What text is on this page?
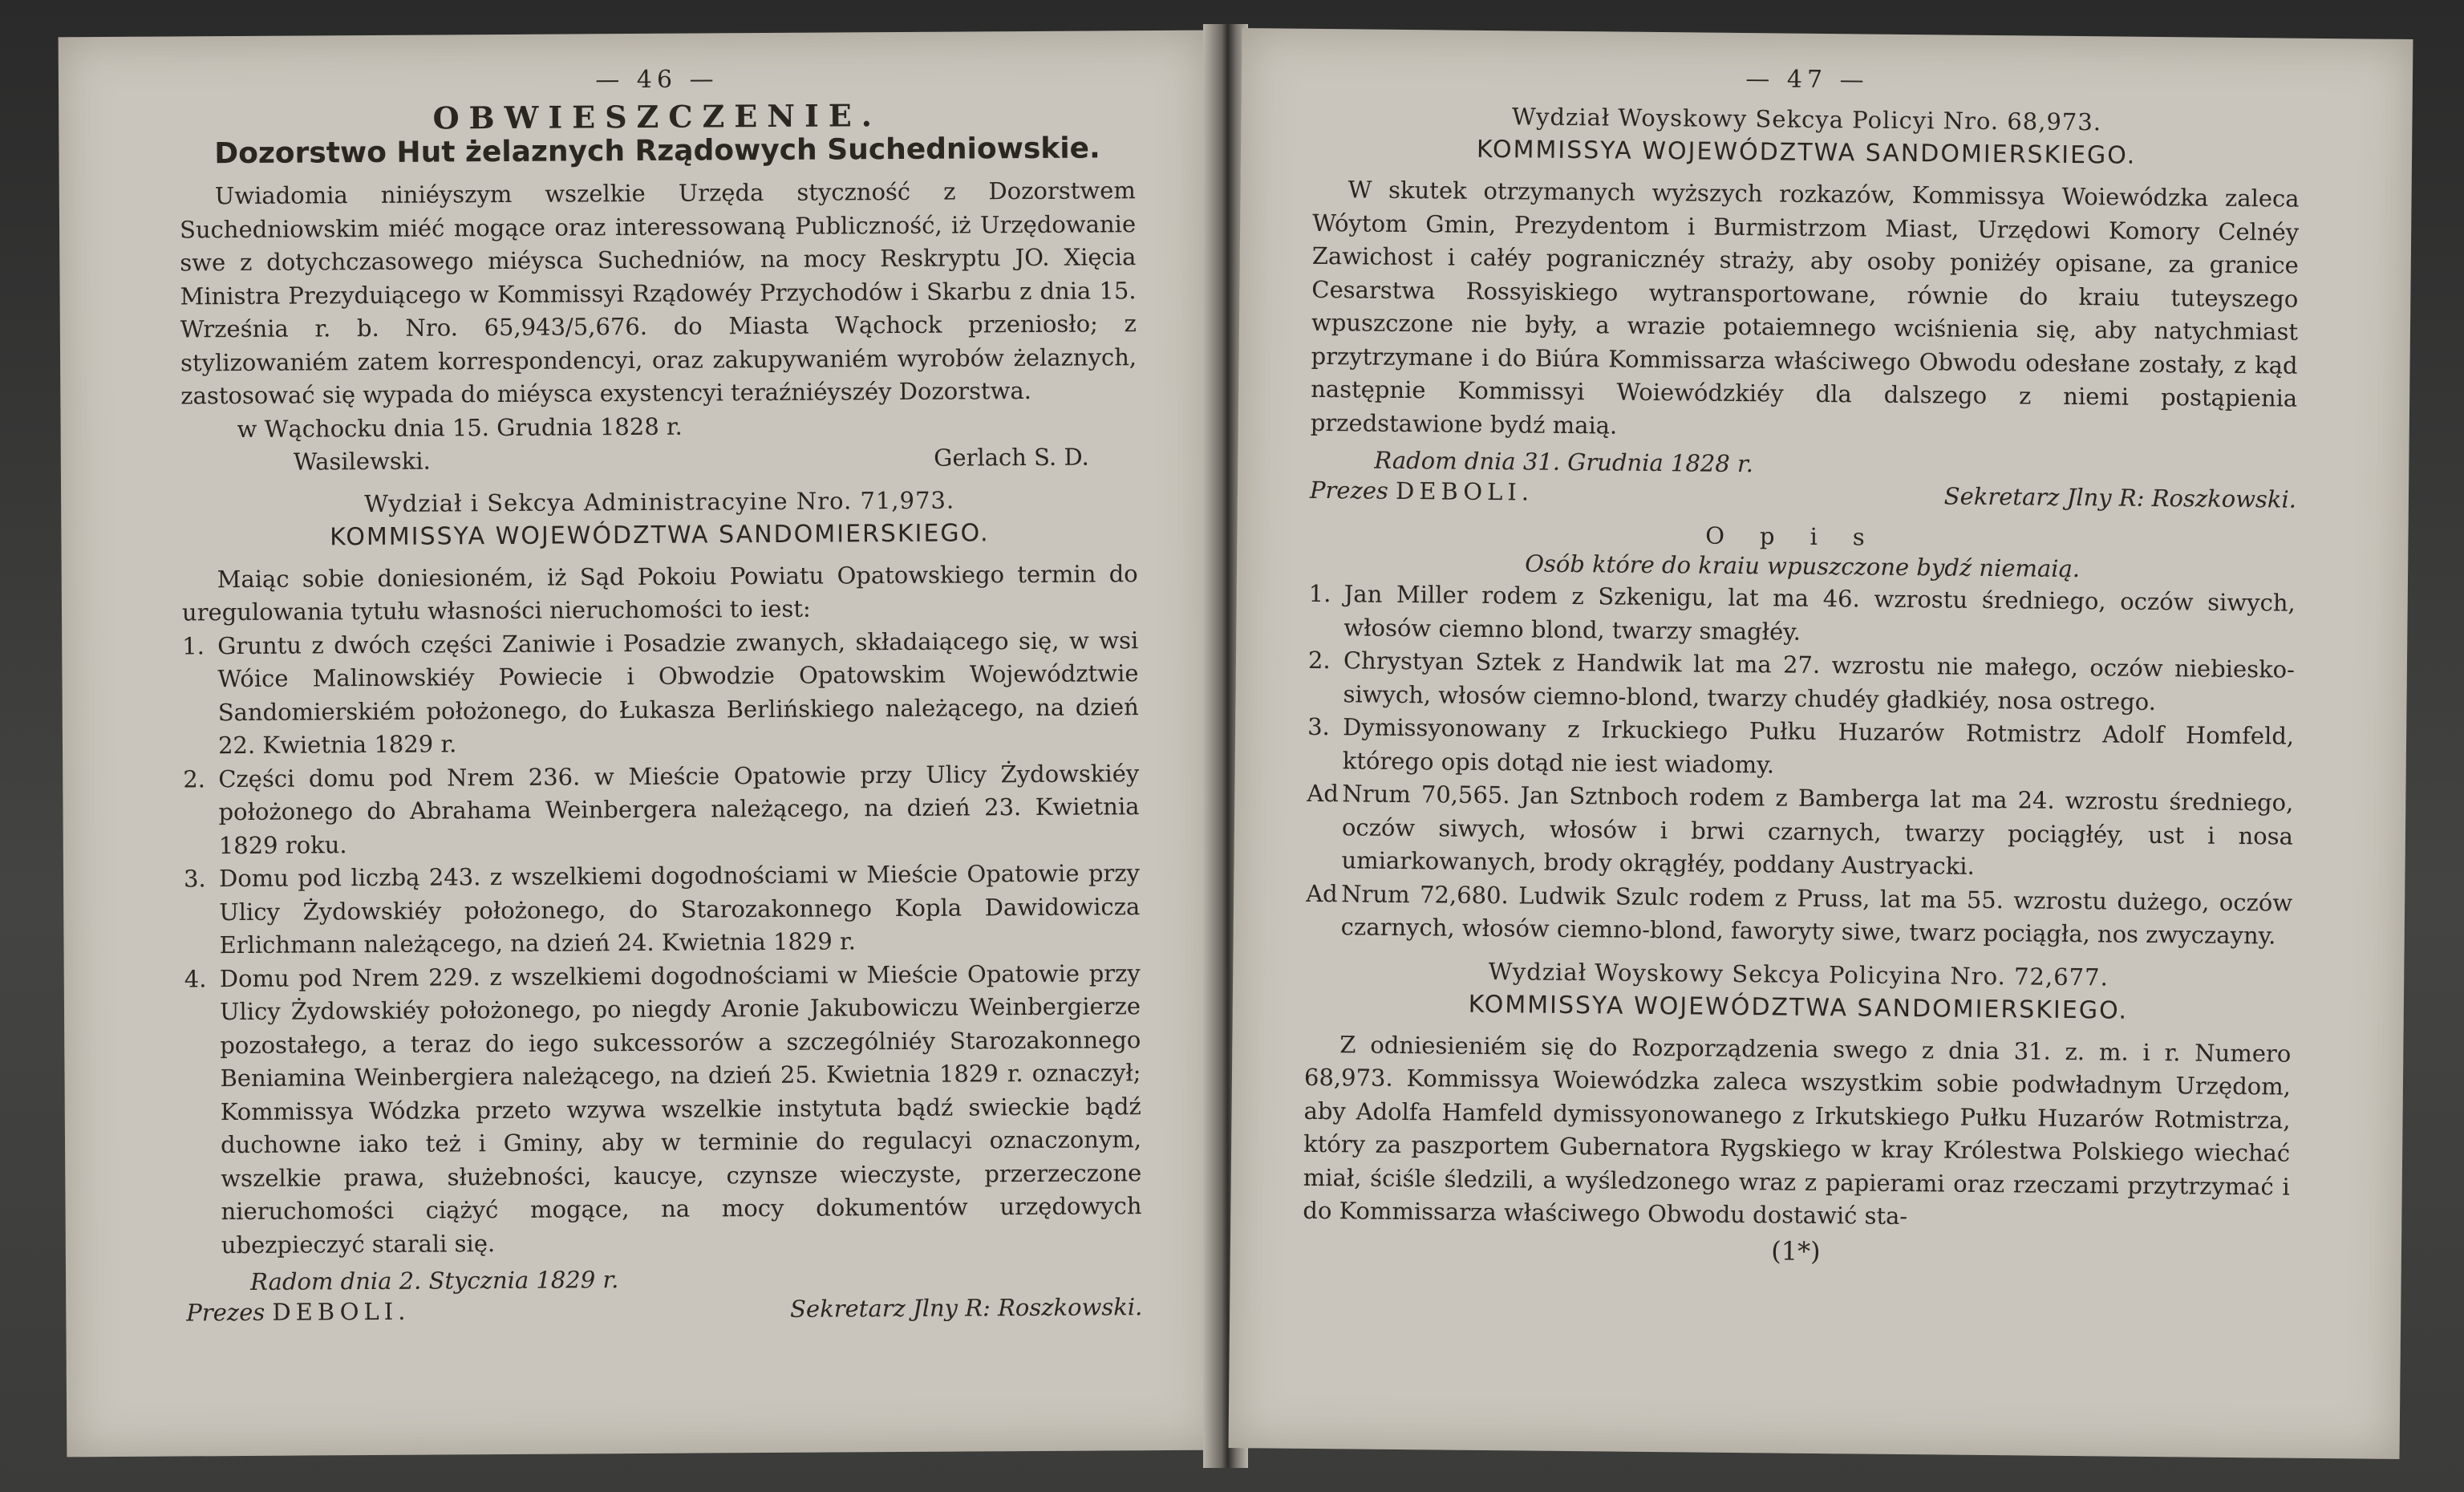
— 46 —
OBWIESZCZENIE.
Dozorstwo Hut żelaznych Rządowych Suchedniowskie.

Uwiadomia niniéyszym wszelkie Urzęda styczność z Dozorstwem Suchedniowskim miéć mogące oraz interessowaną Publiczność, iż Urzędowanie swe z dotychczasowego miéysca Suchedniów, na mocy Reskryptu JO. Xięcia Ministra Prezyduiącego w Kommissyi Rządowéy Przychodów i Skarbu z dnia 15. Września r. b. Nro. 65,943/5,676. do Miasta Wąchock przeniosło; z stylizowaniém zatem korrespondencyi, oraz zakupywaniém wyrobów żelaznych, zastosować się wypada do miéysca exystencyi teraźniéyszéy Dozorstwa.

w Wąchocku dnia 15. Grudnia 1828 r.
Wasilewski.	Gerlach S. D.
Wydział i Sekcya Administracyine Nro. 71,973.
KOMMISSYA WOJEWÓDZTWA SANDOMIERSKIEGO.

Maiąc sobie doniesioném, iż Sąd Pokoiu Powiatu Opatowskiego termin do uregulowania tytułu własności nieruchomości to iest:

1. Gruntu z dwóch części Zaniwie i Posadzie zwanych, składaiącego się, w wsi Wóice Malinowskiéy Powiecie i Obwodzie Opatowskim Województwie Sandomierskiém położonego, do Łukasza Berlińskiego należącego, na dzień 22. Kwietnia 1829 r.
2. Części domu pod Nrem 236. w Mieście Opatowie przy Ulicy Żydowskiéy położonego do Abrahama Weinbergera należącego, na dzień 23. Kwietnia 1829 roku.
3. Domu pod liczbą 243. z wszelkiemi dogodnościami w Mieście Opatowie przy Ulicy Żydowskiéy położonego, do Starozakonnego Kopla Dawidowicza Erlichmann należącego, na dzień 24. Kwietnia 1829 r.
4. Domu pod Nrem 229. z wszelkiemi dogodnościami w Mieście Opatowie przy Ulicy Żydowskiéy położonego, po niegdy Aronie Jakubowiczu Weinbergierze pozostałego, a teraz do iego sukcessorów a szczególniéy Starozakonnego Beniamina Weinbergiera należącego, na dzień 25. Kwietnia 1829 r. oznaczył; Kommissya Wódzka przeto wzywa wszelkie instytuta bądź swieckie bądź duchowne iako też i Gminy, aby w terminie do regulacyi oznaczonym, wszelkie prawa, służebności, kaucye, czynsze wieczyste, przerzeczone nieruchomości ciążyć mogące, na mocy dokumentów urzędowych ubezpieczyć starali się.
Radom dnia 2. Stycznia 1829 r.
Prezes DEBOLI.	Sekretarz Jlny R: Roszkowski.
— 47 —
Wydział Woyskowy Sekcya Policyi Nro. 68,973.
KOMMISSYA WOJEWÓDZTWA SANDOMIERSKIEGO.

W skutek otrzymanych wyższych rozkazów, Kommissya Woiewódzka zaleca Wóytom Gmin, Prezydentom i Burmistrzom Miast, Urzędowi Komory Celnéy Zawichost i całéy pogranicznéy straży, aby osoby poniżéy opisane, za granice Cesarstwa Rossyiskiego wytransportowane, równie do kraiu tuteyszego wpuszczone nie były, a wrazie potaiemnego wciśnienia się, aby natychmiast przytrzymane i do Biúra Kommissarza właściwego Obwodu odesłane zostały, z kąd następnie Kommissyi Woiewódzkiéy dla dalszego z niemi postąpienia przedstawione bydź maią.

Radom dnia 31. Grudnia 1828 r.
Prezes DEBOLI.	Sekretarz Jlny R: Roszkowski.
Opis
Osób które do kraiu wpuszczone bydź niemaią.
1. Jan Miller rodem z Szkenigu, lat ma 46. wzrostu średniego, oczów siwych, włosów ciemno blond, twarzy smagłéy.
2. Chrystyan Sztek z Handwik lat ma 27. wzrostu nie małego, oczów niebiesko-siwych, włosów ciemno-blond, twarzy chudéy gładkiéy, nosa ostrego.
3. Dymissyonowany z Irkuckiego Pułku Huzarów Rotmistrz Adolf Homfeld, którego opis dotąd nie iest wiadomy.
Ad Nrum 70,565. Jan Sztnboch rodem z Bamberga lat ma 24. wzrostu średniego, oczów siwych, włosów i brwi czarnych, twarzy pociągłéy, ust i nosa umiarkowanych, brody okrągłéy, poddany Austryacki.
Ad Nrum 72,680. Ludwik Szulc rodem z Pruss, lat ma 55. wzrostu dużego, oczów czarnych, włosów ciemno-blond, faworyty siwe, twarz pociągła, nos zwyczayny.
Wydział Woyskowy Sekcya Policyina Nro. 72,677.
KOMMISSYA WOJEWÓDZTWA SANDOMIERSKIEGO.

Z odniesieniém się do Rozporządzenia swego z dnia 31. z. m. i r. Numero 68,973. Kommissya Woiewódzka zaleca wszystkim sobie podwładnym Urzędom, aby Adolfa Hamfeld dymissyonowanego z Irkutskiego Pułku Huzarów Rotmistrza, który za paszportem Gubernatora Rygskiego w kray Królestwa Polskiego wiechać miał, ściśle śledzili, a wyśledzonego wraz z papierami oraz rzeczami przytrzymać i do Kommissarza właściwego Obwodu dostawić sta-

(1*)
